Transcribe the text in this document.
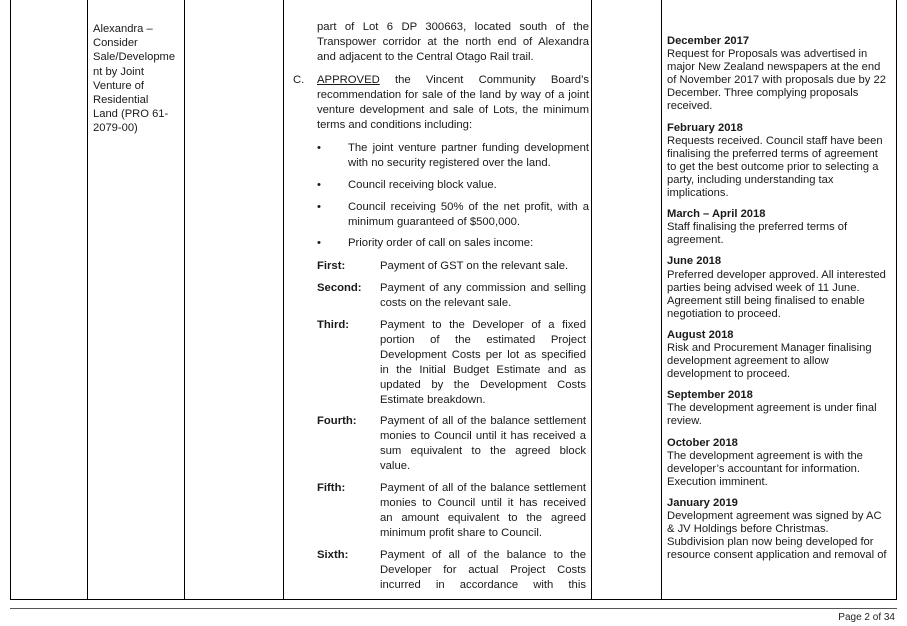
Alexandra –
Consider
Sale/Developme
nt by Joint
Venture of
Residential
Land (PRO 61-
2079-00)
part of Lot 6 DP 300663, located south of the
Transpower corridor at the north end of Alexandra
and adjacent to the Central Otago Rail trail.
C. APPROVED the Vincent Community Board’s
recommendation for sale of the land by way of a joint
venture development and sale of Lots, the minimum
terms and conditions including:
• The joint venture partner funding development
with no security registered over the land.
• Council receiving block value.
• Council receiving 50% of the net profit, with a
minimum guaranteed of $500,000.
• Priority order of call on sales income:
First:	Payment of GST on the relevant sale.
Second: Payment of any commission and selling
costs on the relevant sale.
Third:	Payment to the Developer of a fixed
portion of the estimated Project
Development Costs per lot as specified
in the Initial Budget Estimate and as
updated by the Development Costs
Estimate breakdown.
Fourth: Payment of all of the balance settlement
monies to Council until it has received a
sum equivalent to the agreed block
value.
Fifth:	Payment of all of the balance settlement
monies to Council until it has received
an amount equivalent to the agreed
minimum profit share to Council.
Sixth:	Payment of all of the balance to the
Developer for actual Project Costs
incurred in accordance with this
December 2017
Request for Proposals was advertised in
major New Zealand newspapers at the end
of November 2017 with proposals due by 22
December. Three complying proposals
received.
February 2018
Requests received. Council staff have been
finalising the preferred terms of agreement
to get the best outcome prior to selecting a
party, including understanding tax
implications.
March – April 2018
Staff finalising the preferred terms of
agreement.
June 2018
Preferred developer approved. All interested
parties being advised week of 11 June.
Agreement still being finalised to enable
negotiation to proceed.
August 2018
Risk and Procurement Manager finalising
development agreement to allow
development to proceed.
September 2018
The development agreement is under final
review.
October 2018
The development agreement is with the
developer’s accountant for information.
Execution imminent.
January 2019
Development agreement was signed by AC
& JV Holdings before Christmas.
Subdivision plan now being developed for
resource consent application and removal of
Page 2 of 34
